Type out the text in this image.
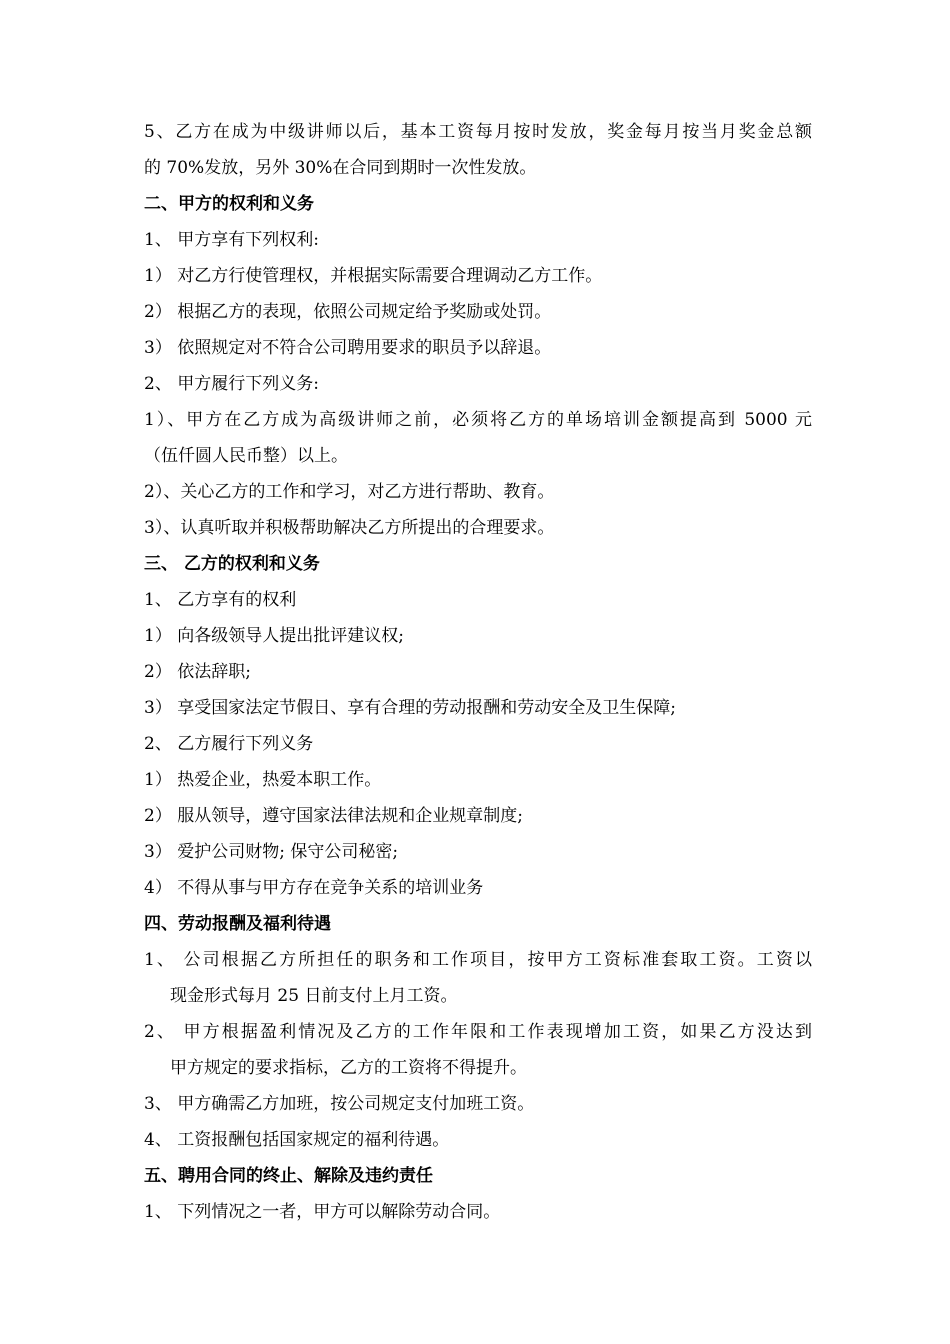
5、乙方在成为中级讲师以后，基本工资每月按时发放，奖金每月按当月奖金总额
的 70%发放，另外 30%在合同到期时一次性发放。
二、甲方的权利和义务
1、 甲方享有下列权利:
1） 对乙方行使管理权，并根据实际需要合理调动乙方工作。
2） 根据乙方的表现，依照公司规定给予奖励或处罚。
3） 依照规定对不符合公司聘用要求的职员予以辞退。
2、 甲方履行下列义务:
1）、甲方在乙方成为高级讲师之前，必须将乙方的单场培训金额提高到 5000 元
（伍仟圆人民币整）以上。
2）、关心乙方的工作和学习，对乙方进行帮助、教育。
3）、认真听取并积极帮助解决乙方所提出的合理要求。
三、 乙方的权利和义务
1、 乙方享有的权利
1） 向各级领导人提出批评建议权;
2） 依法辞职;
3） 享受国家法定节假日、享有合理的劳动报酬和劳动安全及卫生保障;
2、 乙方履行下列义务
1） 热爱企业，热爱本职工作。
2） 服从领导，遵守国家法律法规和企业规章制度;
3） 爱护公司财物; 保守公司秘密;
4） 不得从事与甲方存在竞争关系的培训业务
四、劳动报酬及福利待遇
1、 公司根据乙方所担任的职务和工作项目，按甲方工资标准套取工资。工资以
现金形式每月 25 日前支付上月工资。
2、 甲方根据盈利情况及乙方的工作年限和工作表现增加工资，如果乙方没达到
甲方规定的要求指标，乙方的工资将不得提升。
3、 甲方确需乙方加班，按公司规定支付加班工资。
4、 工资报酬包括国家规定的福利待遇。
五、聘用合同的终止、解除及违约责任
1、 下列情况之一者，甲方可以解除劳动合同。
